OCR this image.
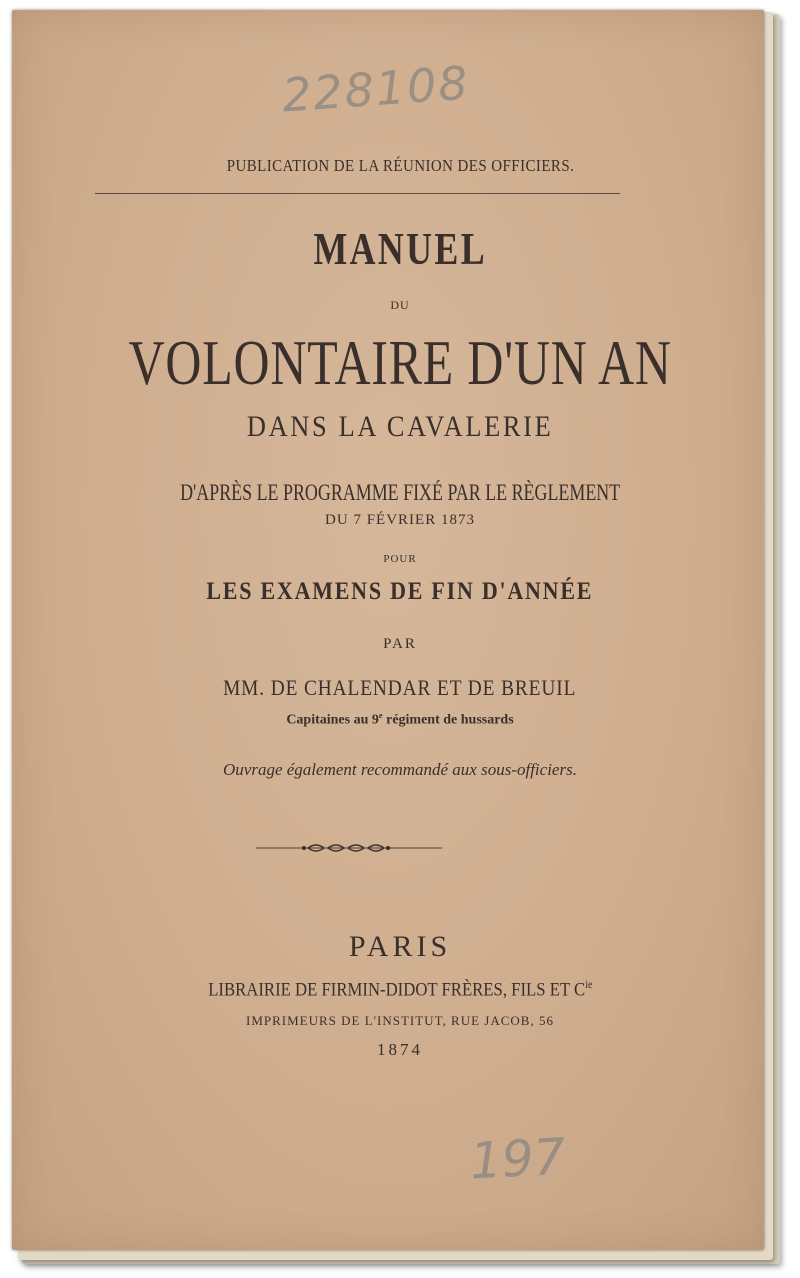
228108
PUBLICATION DE LA RÉUNION DES OFFICIERS.
MANUEL
DU
VOLONTAIRE D'UN AN
DANS LA CAVALERIE
D'APRÈS LE PROGRAMME FIXÉ PAR LE RÈGLEMENT
DU 7 FÉVRIER 1873
POUR
LES EXAMENS DE FIN D'ANNÉE
PAR
MM. DE CHALENDAR ET DE BREUIL
Capitaines au 9e régiment de hussards
Ouvrage également recommandé aux sous-officiers.
PARIS
LIBRAIRIE DE FIRMIN-DIDOT FRÈRES, FILS ET $C^{ie}$
IMPRIMEURS DE L'INSTITUT, RUE JACOB, 56
1874
197
